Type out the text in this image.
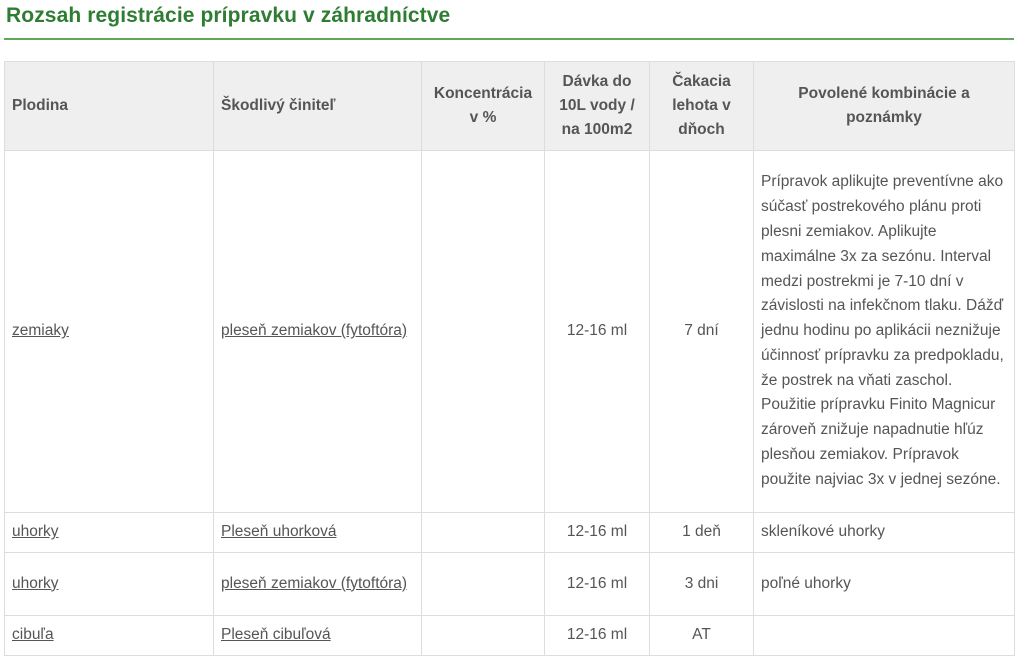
Rozsah registrácie prípravku v záhradníctve
Plodina	Škodlivý činiteľ	Koncentrácia v %	Dávka do 10L vody / na 100m2	Čakacia lehota v dňoch	Povolené kombinácie a poznámky
zemiaky	pleseň zemiakov (fytoftóra)		12-16 ml	7 dní	Prípravok aplikujte preventívne ako súčasť postrekového plánu proti plesni zemiakov. Aplikujte maximálne 3x za sezónu. Interval medzi postrekmi je 7-10 dní v závislosti na infekčnom tlaku. Dážď jednu hodinu po aplikácii neznižuje účinnosť prípravku za predpokladu, že postrek na vňati zaschol. Použitie prípravku Finito Magnicur zároveň znižuje napadnutie hľúz plesňou zemiakov. Prípravok použite najviac 3x v jednej sezóne.
uhorky	Pleseň uhorková		12-16 ml	1 deň	skleníkové uhorky
uhorky	pleseň zemiakov (fytoftóra)		12-16 ml	3 dni	poľné uhorky
cibuľa	Pleseň cibuľová		12-16 ml	AT	
